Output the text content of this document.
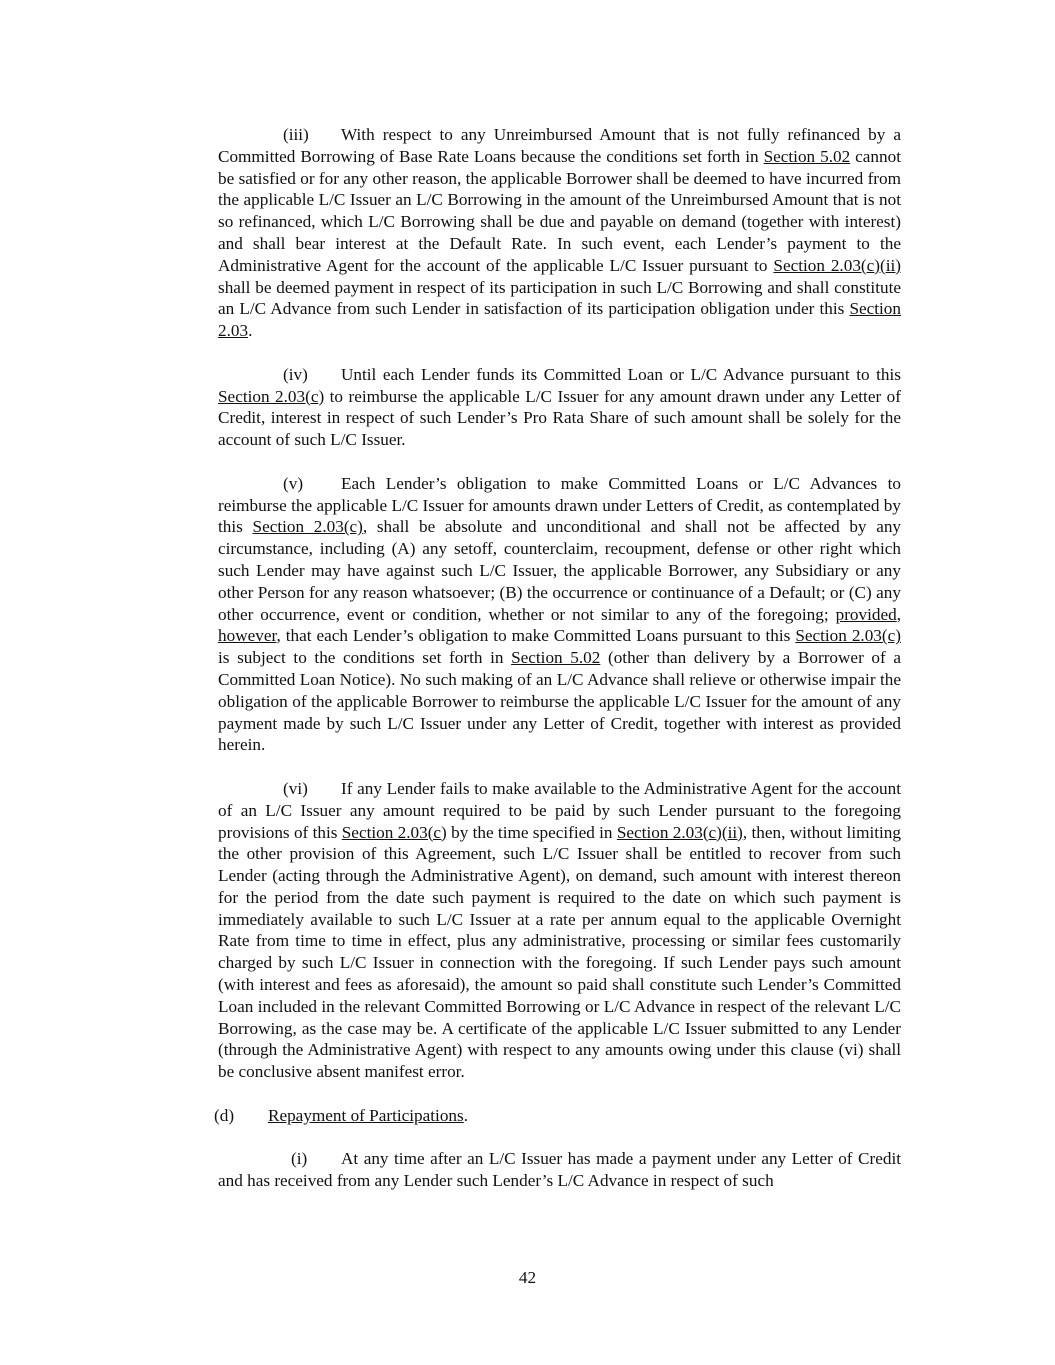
(iii) With respect to any Unreimbursed Amount that is not fully refinanced by a Committed Borrowing of Base Rate Loans because the conditions set forth in Section 5.02 cannot be satisfied or for any other reason, the applicable Borrower shall be deemed to have incurred from the applicable L/C Issuer an L/C Borrowing in the amount of the Unreimbursed Amount that is not so refinanced, which L/C Borrowing shall be due and payable on demand (together with interest) and shall bear interest at the Default Rate. In such event, each Lender’s payment to the Administrative Agent for the account of the applicable L/C Issuer pursuant to Section 2.03(c)(ii) shall be deemed payment in respect of its participation in such L/C Borrowing and shall constitute an L/C Advance from such Lender in satisfaction of its participation obligation under this Section 2.03.

(iv) Until each Lender funds its Committed Loan or L/C Advance pursuant to this Section 2.03(c) to reimburse the applicable L/C Issuer for any amount drawn under any Letter of Credit, interest in respect of such Lender’s Pro Rata Share of such amount shall be solely for the account of such L/C Issuer.

(v) Each Lender’s obligation to make Committed Loans or L/C Advances to reimburse the applicable L/C Issuer for amounts drawn under Letters of Credit, as contemplated by this Section 2.03(c), shall be absolute and unconditional and shall not be affected by any circumstance, including (A) any setoff, counterclaim, recoupment, defense or other right which such Lender may have against such L/C Issuer, the applicable Borrower, any Subsidiary or any other Person for any reason whatsoever; (B) the occurrence or continuance of a Default; or (C) any other occurrence, event or condition, whether or not similar to any of the foregoing; provided, however, that each Lender’s obligation to make Committed Loans pursuant to this Section 2.03(c) is subject to the conditions set forth in Section 5.02 (other than delivery by a Borrower of a Committed Loan Notice). No such making of an L/C Advance shall relieve or otherwise impair the obligation of the applicable Borrower to reimburse the applicable L/C Issuer for the amount of any payment made by such L/C Issuer under any Letter of Credit, together with interest as provided herein.

(vi) If any Lender fails to make available to the Administrative Agent for the account of an L/C Issuer any amount required to be paid by such Lender pursuant to the foregoing provisions of this Section 2.03(c) by the time specified in Section 2.03(c)(ii), then, without limiting the other provision of this Agreement, such L/C Issuer shall be entitled to recover from such Lender (acting through the Administrative Agent), on demand, such amount with interest thereon for the period from the date such payment is required to the date on which such payment is immediately available to such L/C Issuer at a rate per annum equal to the applicable Overnight Rate from time to time in effect, plus any administrative, processing or similar fees customarily charged by such L/C Issuer in connection with the foregoing. If such Lender pays such amount (with interest and fees as aforesaid), the amount so paid shall constitute such Lender’s Committed Loan included in the relevant Committed Borrowing or L/C Advance in respect of the relevant L/C Borrowing, as the case may be. A certificate of the applicable L/C Issuer submitted to any Lender (through the Administrative Agent) with respect to any amounts owing under this clause (vi) shall be conclusive absent manifest error.

(d) Repayment of Participations.

(i) At any time after an L/C Issuer has made a payment under any Letter of Credit and has received from any Lender such Lender’s L/C Advance in respect of such

42
